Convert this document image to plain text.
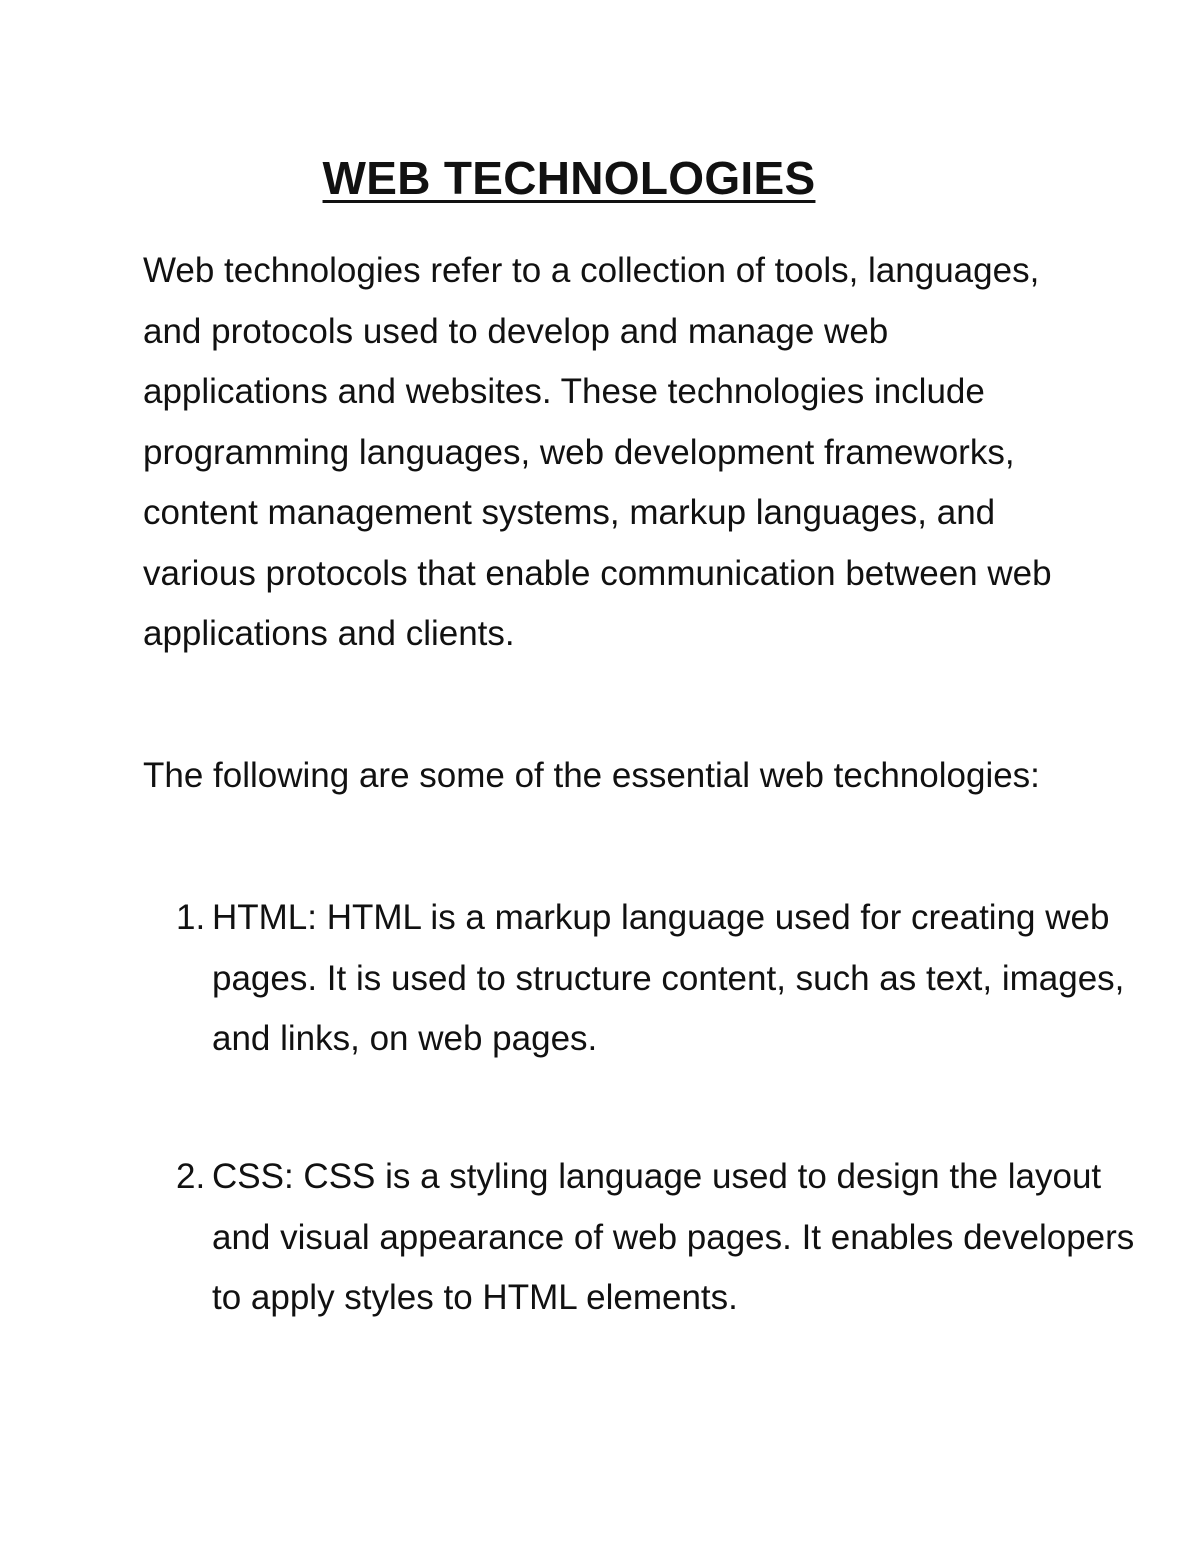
WEB TECHNOLOGIES

Web technologies refer to a collection of tools, languages, and protocols used to develop and manage web applications and websites. These technologies include programming languages, web development frameworks, content management systems, markup languages, and various protocols that enable communication between web applications and clients.

The following are some of the essential web technologies:

1. HTML: HTML is a markup language used for creating web pages. It is used to structure content, such as text, images, and links, on web pages.
2. CSS: CSS is a styling language used to design the layout and visual appearance of web pages. It enables developers to apply styles to HTML elements.
